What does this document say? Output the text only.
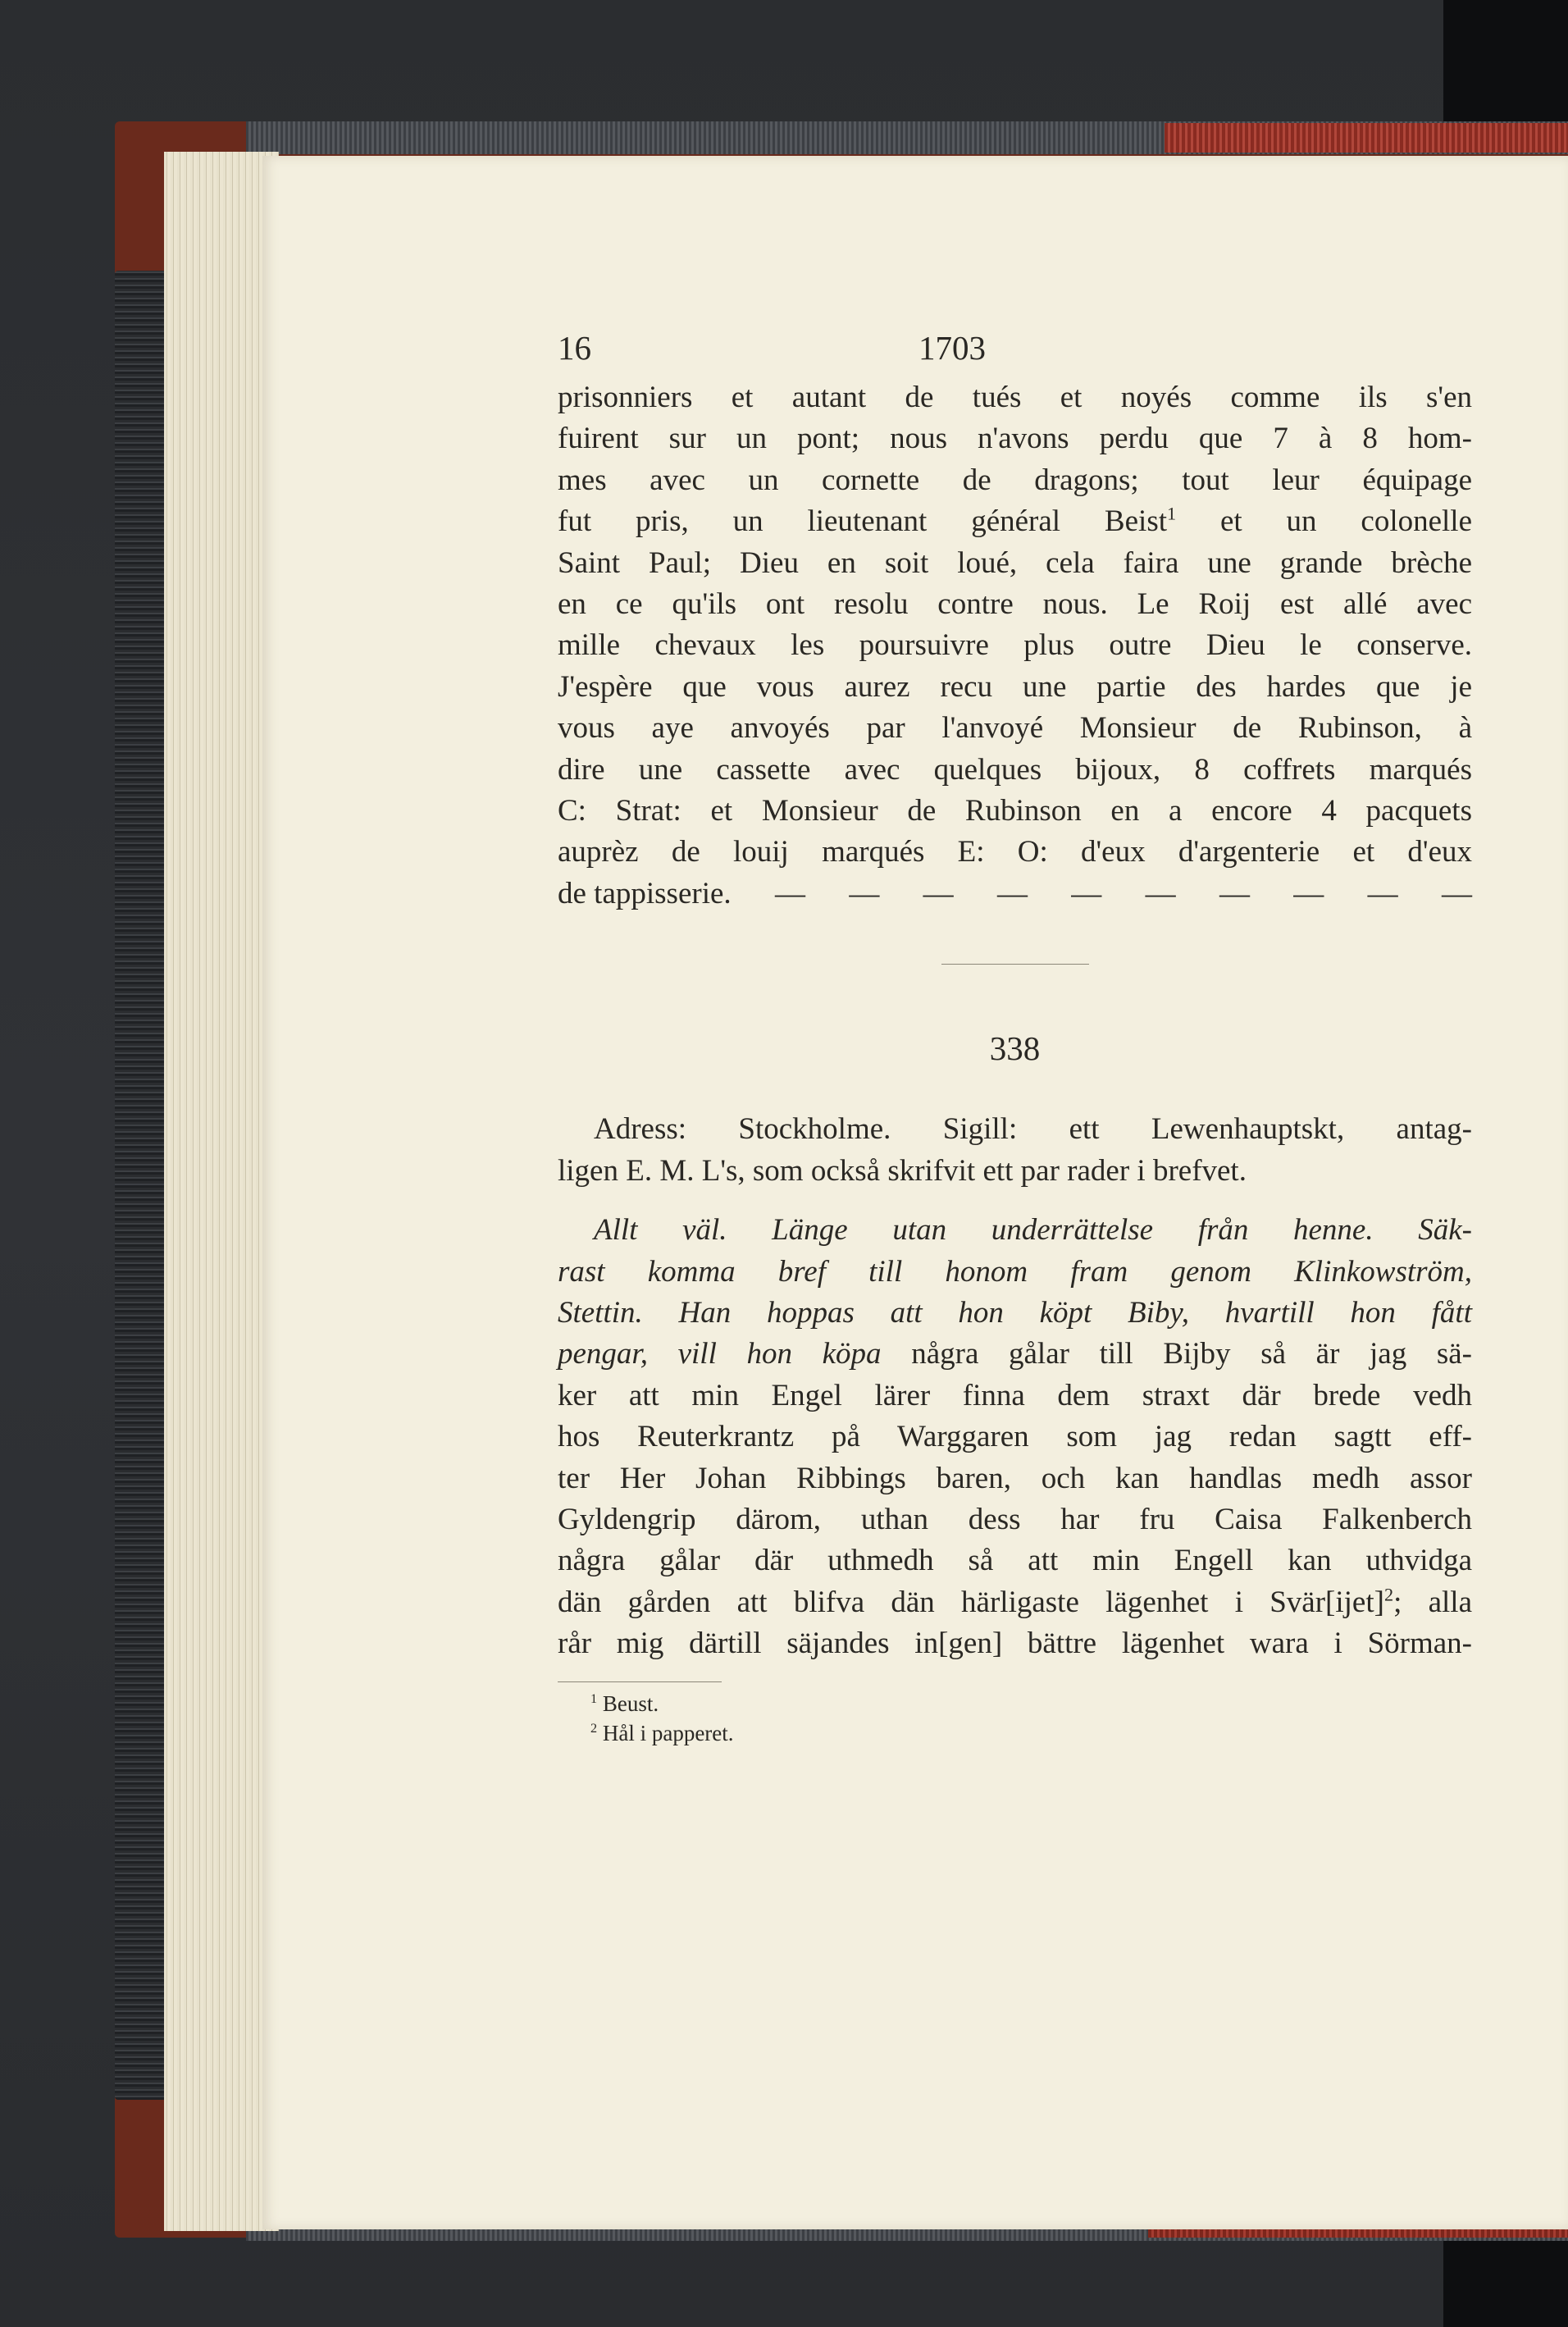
16	1703

prisonniers et autant de tués et noyés comme ils s'en

fuirent sur un pont; nous n'avons perdu que 7 à 8 hom-

mes avec un cornette de dragons; tout leur équipage

fut pris, un lieutenant général Beist$^1$ et un colonelle

Saint Paul; Dieu en soit loué, cela faira une grande brèche

en ce qu'ils ont resolu contre nous. Le Roij est allé avec

mille chevaux les poursuivre plus outre Dieu le conserve.

J'espère que vous aurez recu une partie des hardes que je

vous aye anvoyés par l'anvoyé Monsieur de Rubinson, à

dire une cassette avec quelques bijoux, 8 coffrets marqués

C: Strat: et Monsieur de Rubinson en a encore 4 pacquets

auprèz de louij marqués E: O: d'eux d'argenterie et d'eux

de tappisserie. — — — — — — — — — —
338

Adress: Stockholme. Sigill: ett Lewenhauptskt, antag-

ligen E. M. L's, som också skrifvit ett par rader i brefvet.

Allt väl. Länge utan underrättelse från henne. Säk-

rast komma bref till honom fram genom Klinkowström,

Stettin. Han hoppas att hon köpt Biby, hvartill hon fått

pengar, vill hon köpa några gålar till Bijby så är jag sä-

ker att min Engel lärer finna dem straxt där brede vedh

hos Reuterkrantz på Warggaren som jag redan sagtt eff-

ter Her Johan Ribbings baren, och kan handlas medh assor

Gyldengrip därom, uthan dess har fru Caisa Falkenberch

några gålar där uthmedh så att min Engell kan uthvidga

dän gården att blifva dän härligaste lägenhet i Svär[ijet]$^2$; alla

rår mig därtill säjandes in[gen] bättre lägenhet wara i Sörman-

$^1$ Beust.
$^2$ Hål i papperet.
